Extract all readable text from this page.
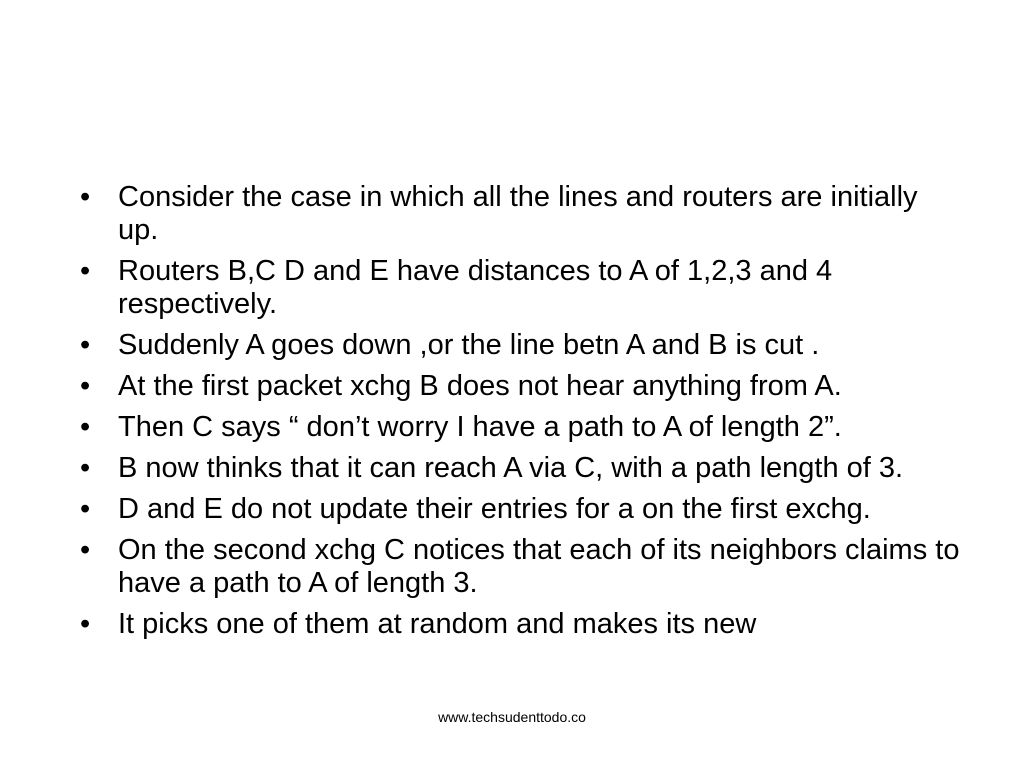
• Consider the case in which all the lines and routers are initially up.
• Routers B,C D and E have distances to A of 1,2,3 and 4 respectively.
• Suddenly A goes down ,or the line betn A and B is cut .
• At the first packet xchg B does not hear anything from A.
• Then C says “ don’t worry I have a path to A of length 2”.
• B now thinks that it can reach A via C, with a path length of 3.
• D and E do not update their entries for a on the first exchg.
• On the second xchg C notices that each of its neighbors claims to have a path to A of length 3.
• It picks one of them at random and makes its new
www.techsudenttodo.co
